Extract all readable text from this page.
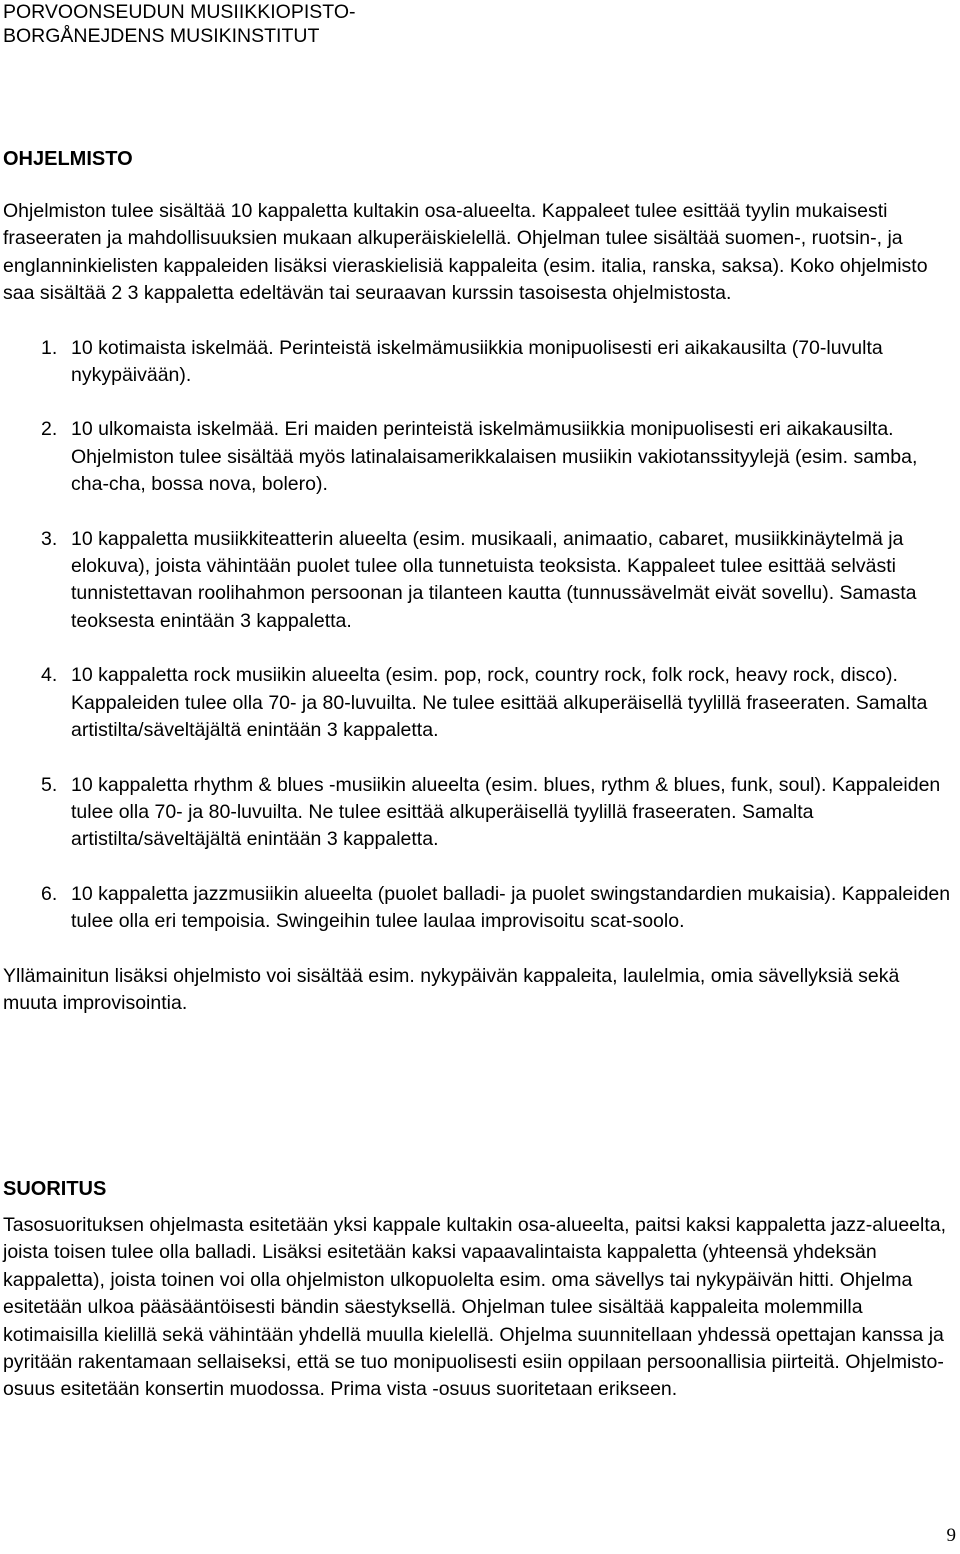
PORVOONSEUDUN MUSIIKKIOPISTO-
BORGÅNEJDENS MUSIKINSTITUT
OHJELMISTO

Ohjelmiston tulee sisältää 10 kappaletta kultakin osa-alueelta. Kappaleet tulee esittää tyylin mukaisesti fraseeraten ja mahdollisuuksien mukaan alkuperäiskielellä. Ohjelman tulee sisältää suomen-, ruotsin-, ja englanninkielisten kappaleiden lisäksi vieraskielisiä kappaleita (esim. italia, ranska, saksa). Koko ohjelmisto saa sisältää 2 3 kappaletta edeltävän tai seuraavan kurssin tasoisesta ohjelmistosta.

1. 10 kotimaista iskelmää. Perinteistä iskelmämusiikkia monipuolisesti eri aikakausilta (70-luvulta nykypäivään).
2. 10 ulkomaista iskelmää. Eri maiden perinteistä iskelmämusiikkia monipuolisesti eri aikakausilta. Ohjelmiston tulee sisältää myös latinalaisamerikkalaisen musiikin vakiotanssityylejä (esim. samba, cha-cha, bossa nova, bolero).
3. 10 kappaletta musiikkiteatterin alueelta (esim. musikaali, animaatio, cabaret, musiikkinäytelmä ja elokuva), joista vähintään puolet tulee olla tunnetuista teoksista. Kappaleet tulee esittää selvästi tunnistettavan roolihahmon persoonan ja tilanteen kautta (tunnussävelmät eivät sovellu). Samasta teoksesta enintään 3 kappaletta.
4. 10 kappaletta rock musiikin alueelta (esim. pop, rock, country rock, folk rock, heavy rock, disco). Kappaleiden tulee olla 70- ja 80-luvuilta. Ne tulee esittää alkuperäisellä tyylillä fraseeraten. Samalta artistilta/säveltäjältä enintään 3 kappaletta.
5. 10 kappaletta rhythm & blues -musiikin alueelta (esim. blues, rythm & blues, funk, soul). Kappaleiden tulee olla 70- ja 80-luvuilta. Ne tulee esittää alkuperäisellä tyylillä fraseeraten. Samalta artistilta/säveltäjältä enintään 3 kappaletta.
6. 10 kappaletta jazzmusiikin alueelta (puolet balladi- ja puolet swingstandardien mukaisia). Kappaleiden tulee olla eri tempoisia. Swingeihin tulee laulaa improvisoitu scat-soolo.

Yllämainitun lisäksi ohjelmisto voi sisältää esim. nykypäivän kappaleita, laulelmia, omia sävellyksiä sekä muuta improvisointia.

SUORITUS

Tasosuorituksen ohjelmasta esitetään yksi kappale kultakin osa-alueelta, paitsi kaksi kappaletta jazz-alueelta, joista toisen tulee olla balladi. Lisäksi esitetään kaksi vapaavalintaista kappaletta (yhteensä yhdeksän kappaletta), joista toinen voi olla ohjelmiston ulkopuolelta esim. oma sävellys tai nykypäivän hitti. Ohjelma esitetään ulkoa pääsääntöisesti bändin säestyksellä. Ohjelman tulee sisältää kappaleita molemmilla kotimaisilla kielillä sekä vähintään yhdellä muulla kielellä. Ohjelma suunnitellaan yhdessä opettajan kanssa ja pyritään rakentamaan sellaiseksi, että se tuo monipuolisesti esiin oppilaan persoonallisia piirteitä. Ohjelmisto-osuus esitetään konsertin muodossa. Prima vista -osuus suoritetaan erikseen.

9
